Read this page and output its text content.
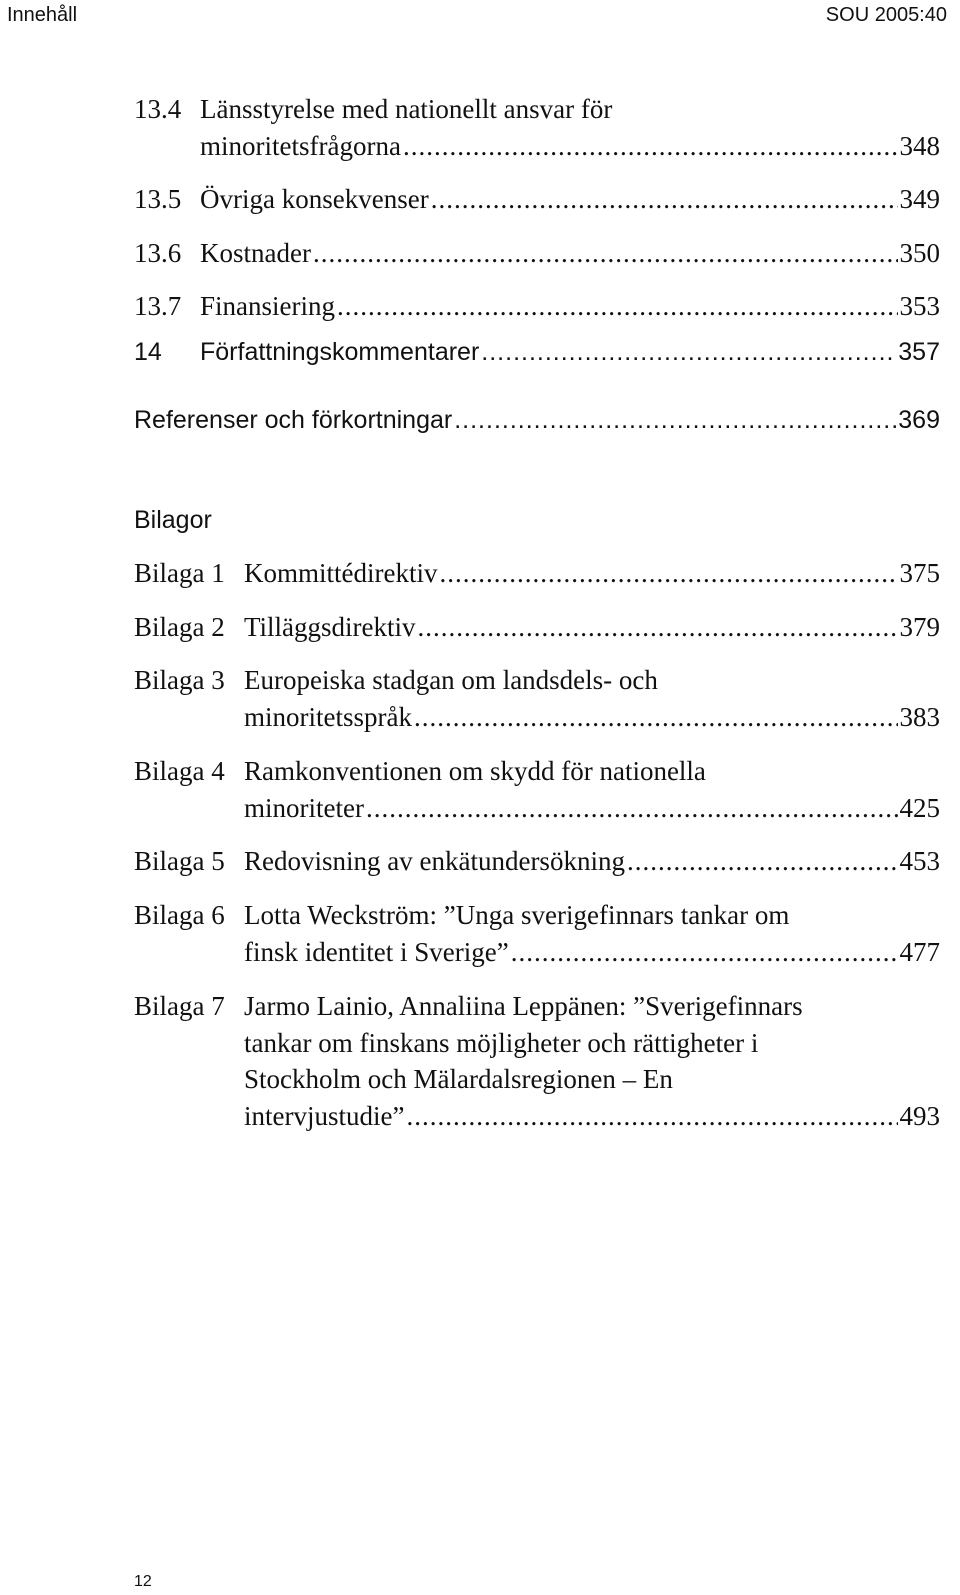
Innehåll	SOU 2005:40
13.4 Länsstyrelse med nationellt ansvar för
minoritetsfrågorna .....	348
13.5 Övriga konsekvenser .....	349
13.6 Kostnader .....	350
13.7 Finansiering .....	353
14	Författningskommentarer .....	357
Referenser och förkortningar .....	369
Bilagor
Bilaga 1 Kommittédirektiv .....	375
Bilaga 2 Tilläggsdirektiv .....	379
Bilaga 3 Europeiska stadgan om landsdels- och
minoritetsspråk .....	383
Bilaga 4 Ramkonventionen om skydd för nationella
minoriteter .....	425
Bilaga 5 Redovisning av enkätundersökning .....	453
Bilaga 6 Lotta Weckström: ”Unga sverigefinnars tankar om
finsk identitet i Sverige” .....	477
Bilaga 7 Jarmo Lainio, Annaliina Leppänen: ”Sverigefinnars
tankar om finskans möjligheter och rättigheter i
Stockholm och Mälardalsregionen – En
intervjustudie” .....	493
12
